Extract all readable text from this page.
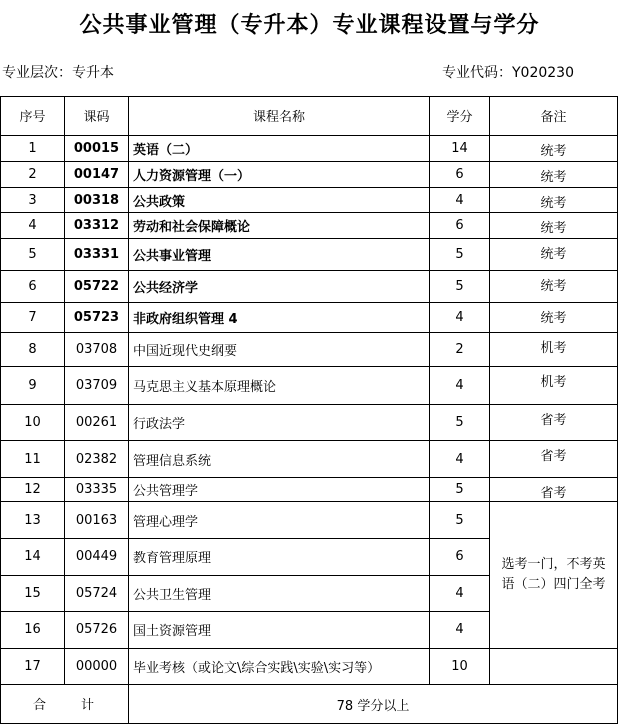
公共事业管理（专升本）专业课程设置与学分
专业层次：专升本	专业代码：Y020230
序号	课码	课程名称	学分	备注
1	00015	英语（二）	14	统考
2	00147	人力资源管理（一）	6	统考
3	00318	公共政策	4	统考
4	03312	劳动和社会保障概论	6	统考
5	03331	公共事业管理	5	统考
6	05722	公共经济学	5	统考
7	05723	非政府组织管理 4	4	统考
8	03708	中国近现代史纲要	2	机考
9	03709	马克思主义基本原理概论	4	机考
10	00261	行政法学	5	省考
11	02382	管理信息系统	4	省考
12	03335	公共管理学	5	省考
13	00163	管理心理学	5	选考一门，不考英语（二）四门全考
14	00449	教育管理原理	6	
15	05724	公共卫生管理	4	
16	05726	国土资源管理	4	
17	00000	毕业考核（或论文\综合实践\实验\实习等）	10	

合 计		78 学分以上		
